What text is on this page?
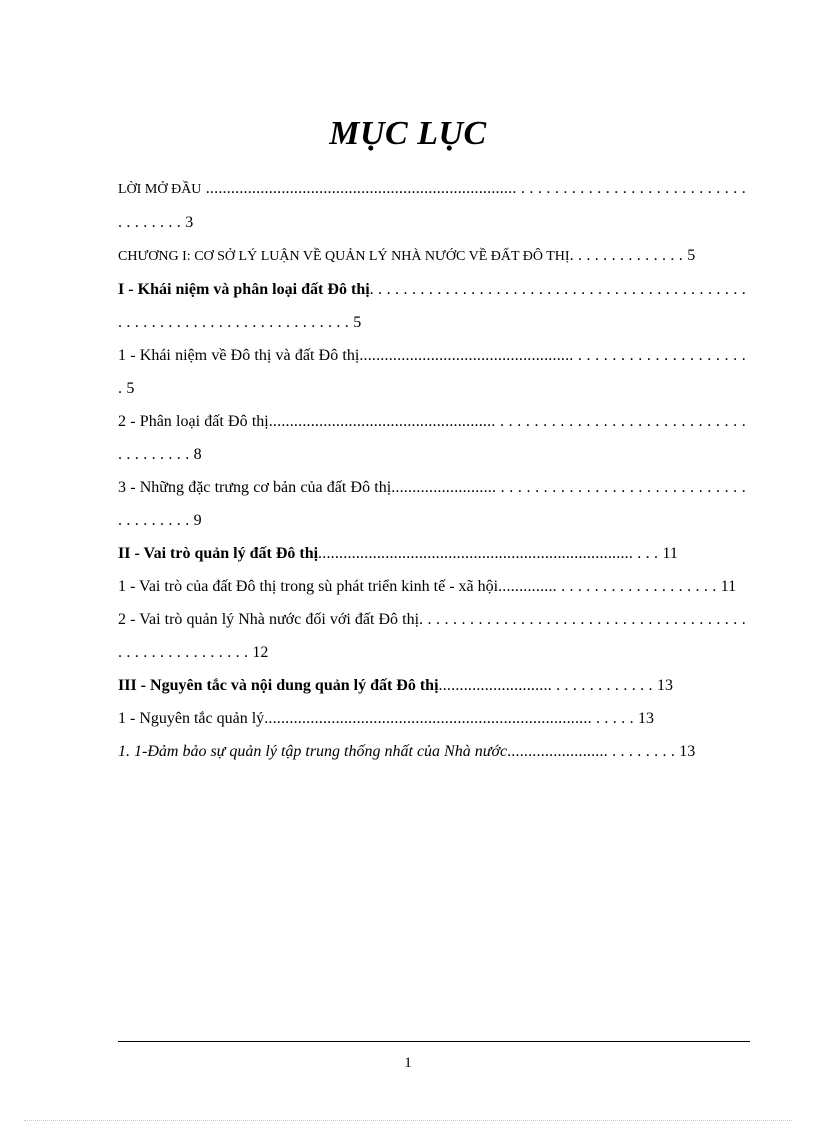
MỤC LỤC
LỜI MỞ ĐẦU .......................................................................... . . . . . . . . . . . . . . . . . . . . . . . . . . . . . . . . . . . 3
CHƯƠNG I: CƠ SỞ LÝ LUẬN VỀ QUẢN LÝ NHÀ NƯỚC VỀ ĐẤT ĐÔ THỊ. . . . . . . . . . . . . . 5
I - Khái niệm và phân loại đất Đô thị. . . . . . . . . . . . . . . . . . . . . . . . . . . . . . . . . . . . . . . . . . . . . . . . . . . . . . . . . . . . . . . . . . . . . . . . . 5
1 - Khái niệm về Đô thị và đất Đô thị................................................... . . . . . . . . . . . . . . . . . . . . . 5
2 - Phân loại đất Đô thị...................................................... . . . . . . . . . . . . . . . . . . . . . . . . . . . . . . . . . . . . . . 8
3 - Những đặc trưng cơ bản của đất Đô thị......................... . . . . . . . . . . . . . . . . . . . . . . . . . . . . . . . . . . . . . . 9
II - Vai trò quản lý đất Đô thị........................................................................... . . . 11
1 - Vai trò của đất Đô thị trong sù phát triển kinh tế - xã hội.............. . . . . . . . . . . . . . . . . . . . 11
2 - Vai trò quản lý Nhà nước đối với đất Đô thị. . . . . . . . . . . . . . . . . . . . . . . . . . . . . . . . . . . . . . . . . . . . . . . . . . . . . . . 12
III - Nguyên tắc và nội dung quản lý đất Đô thị........................... . . . . . . . . . . . . 13
1 - Nguyên tắc quản lý.............................................................................. . . . . . 13
1. 1-Đảm bảo sự quản lý tập trung thống nhất của Nhà nước........................ . . . . . . . . 13
1
